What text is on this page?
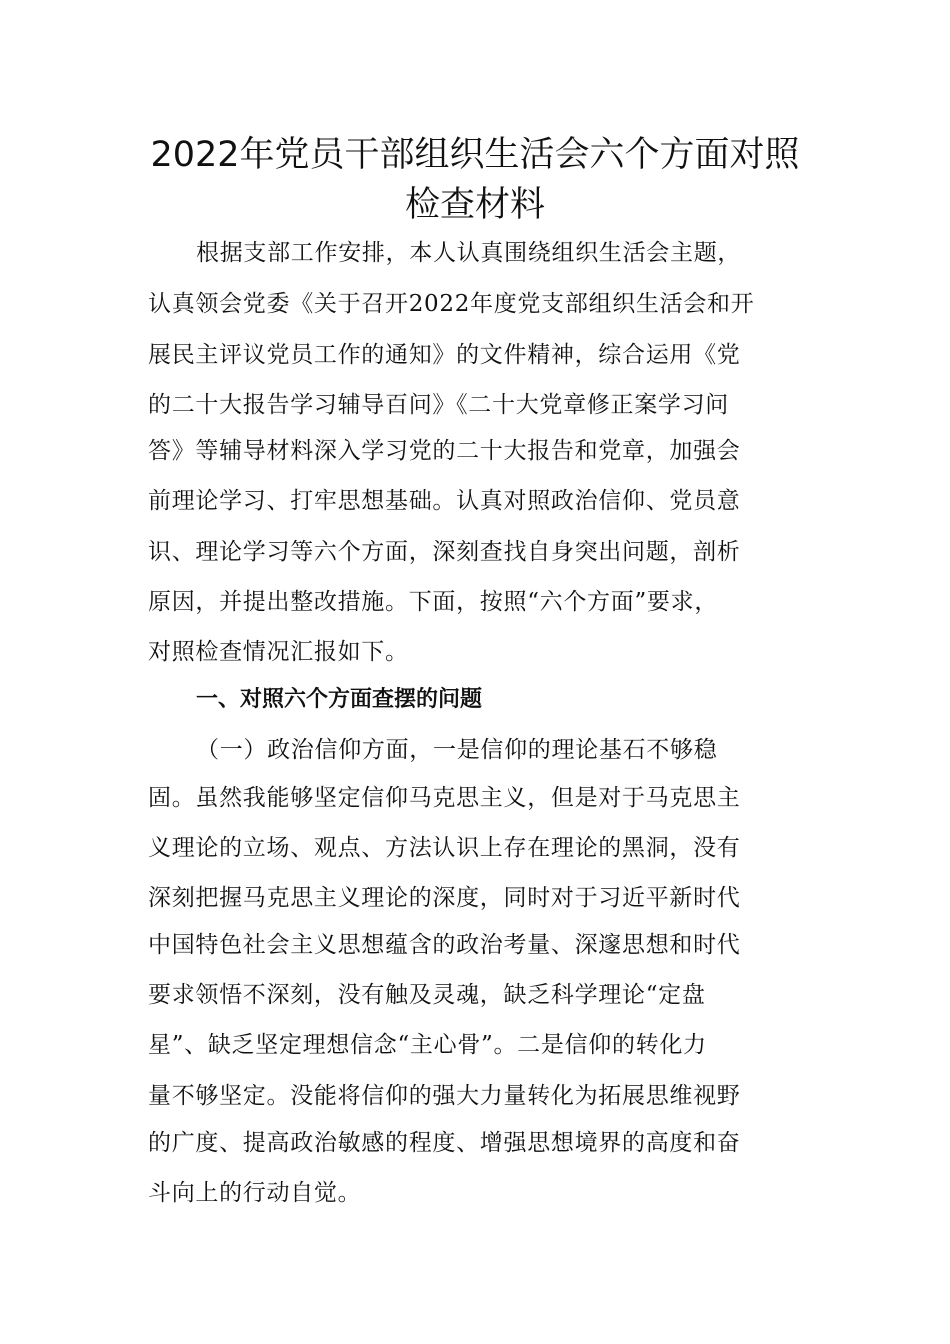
2022年党员干部组织生活会六个方面对照
检查材料
根据支部工作安排，本人认真围绕组织生活会主题，
认真领会党委《关于召开2022年度党支部组织生活会和开
展民主评议党员工作的通知》的文件精神，综合运用《党
的二十大报告学习辅导百问》《二十大党章修正案学习问
答》等辅导材料深入学习党的二十大报告和党章，加强会
前理论学习、打牢思想基础。认真对照政治信仰、党员意
识、理论学习等六个方面，深刻查找自身突出问题，剖析
原因，并提出整改措施。下面，按照“六个方面”要求，
对照检查情况汇报如下。
一、对照六个方面查摆的问题
（一）政治信仰方面，一是信仰的理论基石不够稳
固。虽然我能够坚定信仰马克思主义，但是对于马克思主
义理论的立场、观点、方法认识上存在理论的黑洞，没有
深刻把握马克思主义理论的深度，同时对于习近平新时代
中国特色社会主义思想蕴含的政治考量、深邃思想和时代
要求领悟不深刻，没有触及灵魂，缺乏科学理论“定盘
星”、缺乏坚定理想信念“主心骨”。二是信仰的转化力
量不够坚定。没能将信仰的强大力量转化为拓展思维视野
的广度、提高政治敏感的程度、增强思想境界的高度和奋
斗向上的行动自觉。
